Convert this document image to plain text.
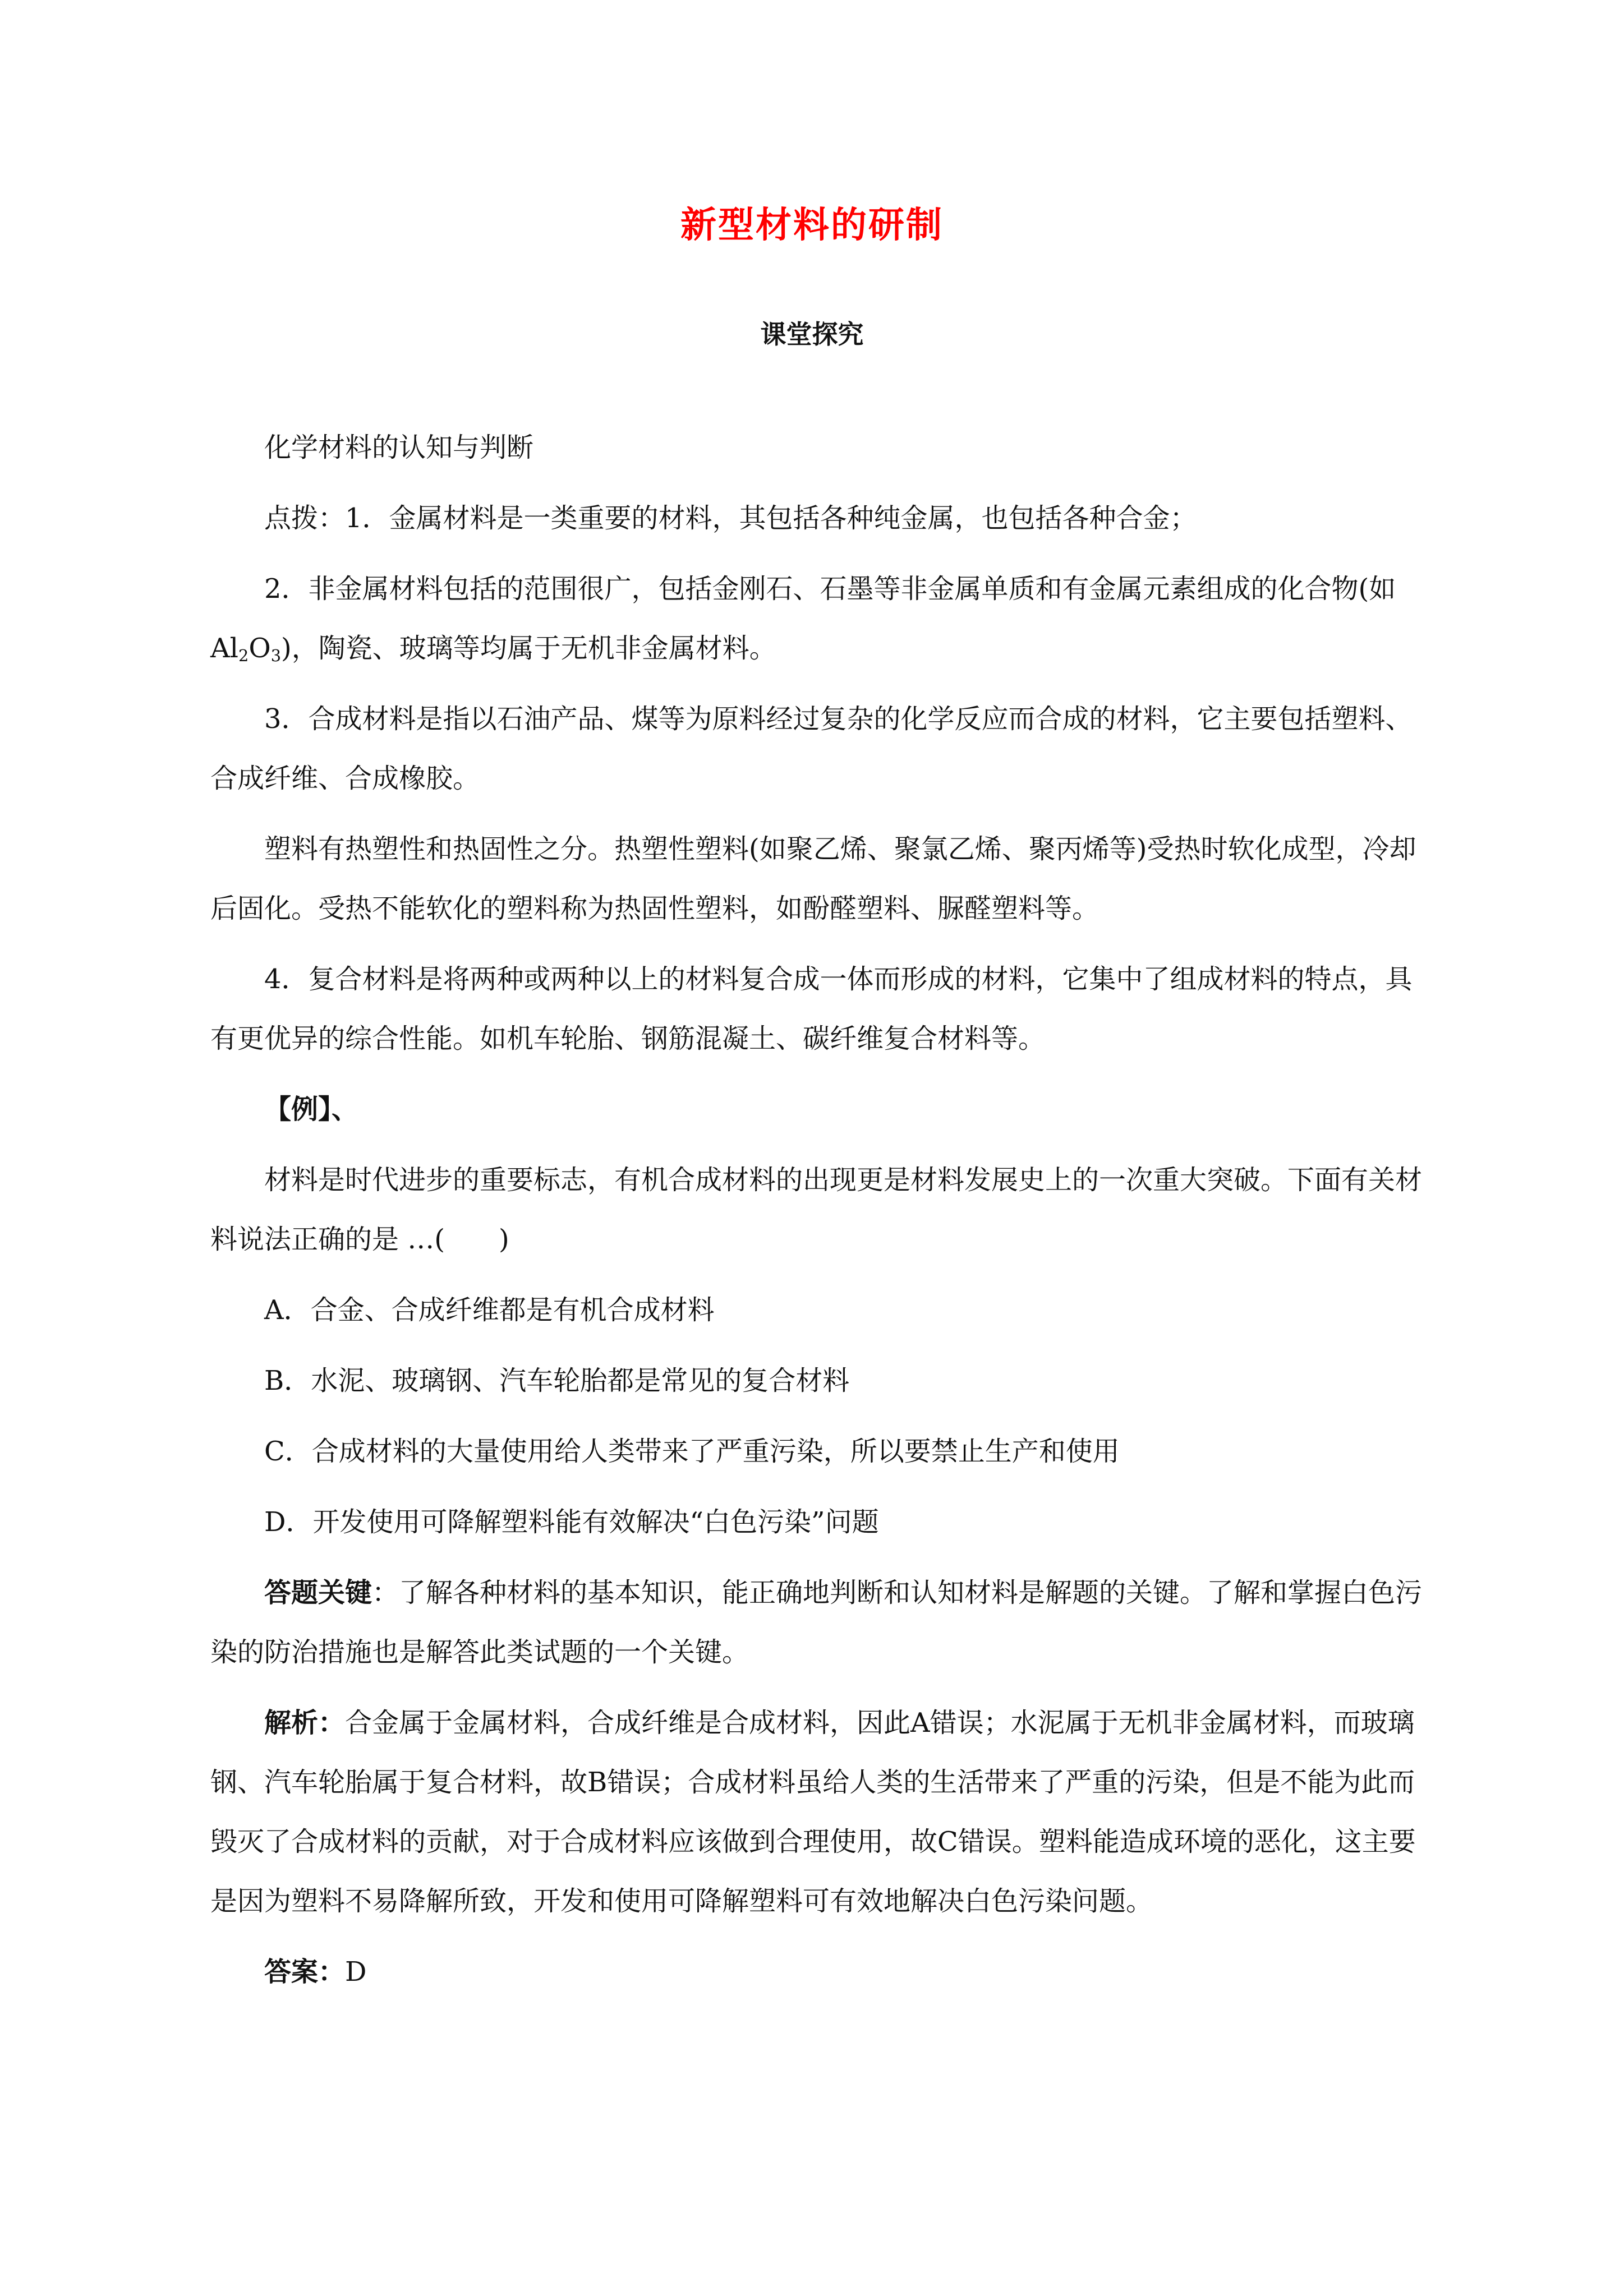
新型材料的研制
课堂探究

化学材料的认知与判断

点拨：1．金属材料是一类重要的材料，其包括各种纯金属，也包括各种合金；

2．非金属材料包括的范围很广，包括金刚石、石墨等非金属单质和有金属元素组成的化合物(如$Al_2O_3$)，陶瓷、玻璃等均属于无机非金属材料。

3．合成材料是指以石油产品、煤等为原料经过复杂的化学反应而合成的材料，它主要包括塑料、合成纤维、合成橡胶。

塑料有热塑性和热固性之分。热塑性塑料(如聚乙烯、聚氯乙烯、聚丙烯等)受热时软化成型，冷却后固化。受热不能软化的塑料称为热固性塑料，如酚醛塑料、脲醛塑料等。

4．复合材料是将两种或两种以上的材料复合成一体而形成的材料，它集中了组成材料的特点，具有更优异的综合性能。如机车轮胎、钢筋混凝土、碳纤维复合材料等。

【例】、

材料是时代进步的重要标志，有机合成材料的出现更是材料发展史上的一次重大突破。下面有关材料说法正确的是 …(　　)

A．合金、合成纤维都是有机合成材料

B．水泥、玻璃钢、汽车轮胎都是常见的复合材料

C．合成材料的大量使用给人类带来了严重污染，所以要禁止生产和使用

D．开发使用可降解塑料能有效解决“白色污染”问题

答题关键：了解各种材料的基本知识，能正确地判断和认知材料是解题的关键。了解和掌握白色污染的防治措施也是解答此类试题的一个关键。

解析：合金属于金属材料，合成纤维是合成材料，因此A错误；水泥属于无机非金属材料，而玻璃钢、汽车轮胎属于复合材料，故B错误；合成材料虽给人类的生活带来了严重的污染，但是不能为此而毁灭了合成材料的贡献，对于合成材料应该做到合理使用，故C错误。塑料能造成环境的恶化，这主要是因为塑料不易降解所致，开发和使用可降解塑料可有效地解决白色污染问题。

答案：D
